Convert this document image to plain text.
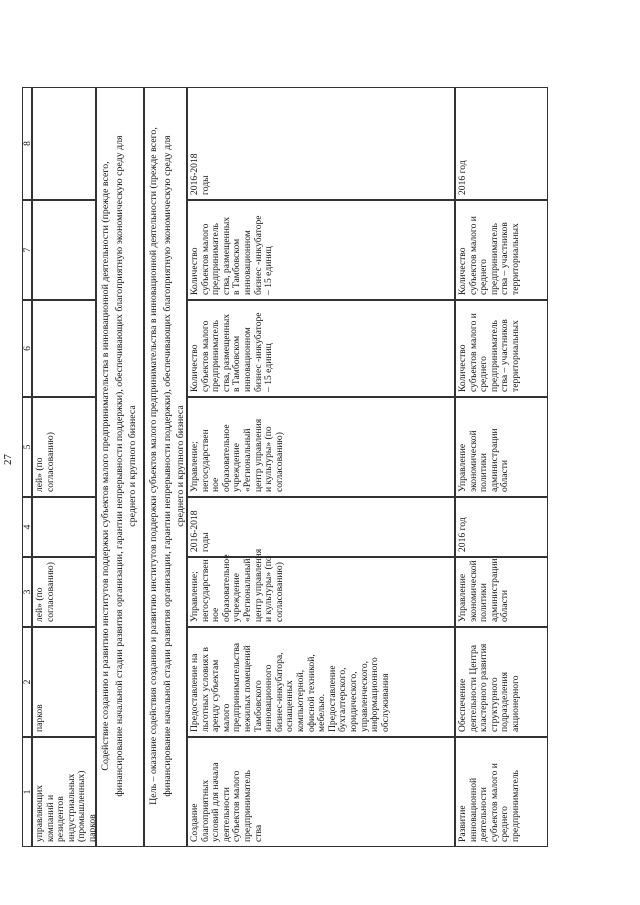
27
1
2
3
4
5
6
7
8
управляющих
компаний и
резидентов
индустриальных
(промышленных)
парков
парков
лей» (по
согласованию)
лей» (по
согласованию)
Содействие созданию и развитию институтов поддержки субъектов малого предпринимательства в инновационной деятельности (прежде всего,
финансирование начальной стадии развития организации, гарантии непрерывности поддержки), обеспечивающих благоприятную экономическую среду для
среднего и крупного бизнеса
Цель – оказание содействия созданию и развитию институтов поддержки субъектов малого предпринимательства в инновационной деятельности (прежде всего,
финансирование начальной стадии развития организации, гарантии непрерывности поддержки), обеспечивающих благоприятную экономическую среду для
среднего и крупного бизнеса
Создание
благоприятных
условий для начала
деятельности
субъектов малого
предприниматель
ства
Предоставление на
льготных условиях в
аренду субъектам
малого
предпринимательства
нежилых помещений
Тамбовского
инновационного
бизнес-инкубатора,
оснащенных
компьютерной,
офисной техникой,
мебелью.
Предоставление
бухгалтерского,
юридического,
управленческого,
информационного
обслуживания
Управление;
негосударствен
ное
образовательное
учреждение
«Региональный
центр управления
и культуры» (по
согласованию)
2016-2018
годы
Управление;
негосударствен
ное
образовательное
учреждение
«Региональный
центр управления
и культуры» (по
согласованию)
Количество
субъектов малого
предприниматель
ства, размещенных
в Тамбовском
инновационном
бизнес -инкубаторе
– 15 единиц
Количество
субъектов малого
предприниматель
ства, размещенных
в Тамбовском
инновационном
бизнес -инкубаторе
– 15 единиц
2016-2018
годы
Развитие
инновационной
деятельности
субъектов малого и
среднего
предприниматель
Обеспечение
деятельности Центра
кластерного развития
структурного
подразделения
акционерного
Управление
экономической
политики
администрации
области
2016 год
Управление
экономической
политики
администрации
области
Количество
субъектов малого и
среднего
предприниматель
ства – участников
территориальных
Количество
субъектов малого и
среднего
предприниматель
ства – участников
территориальных
2016 год
